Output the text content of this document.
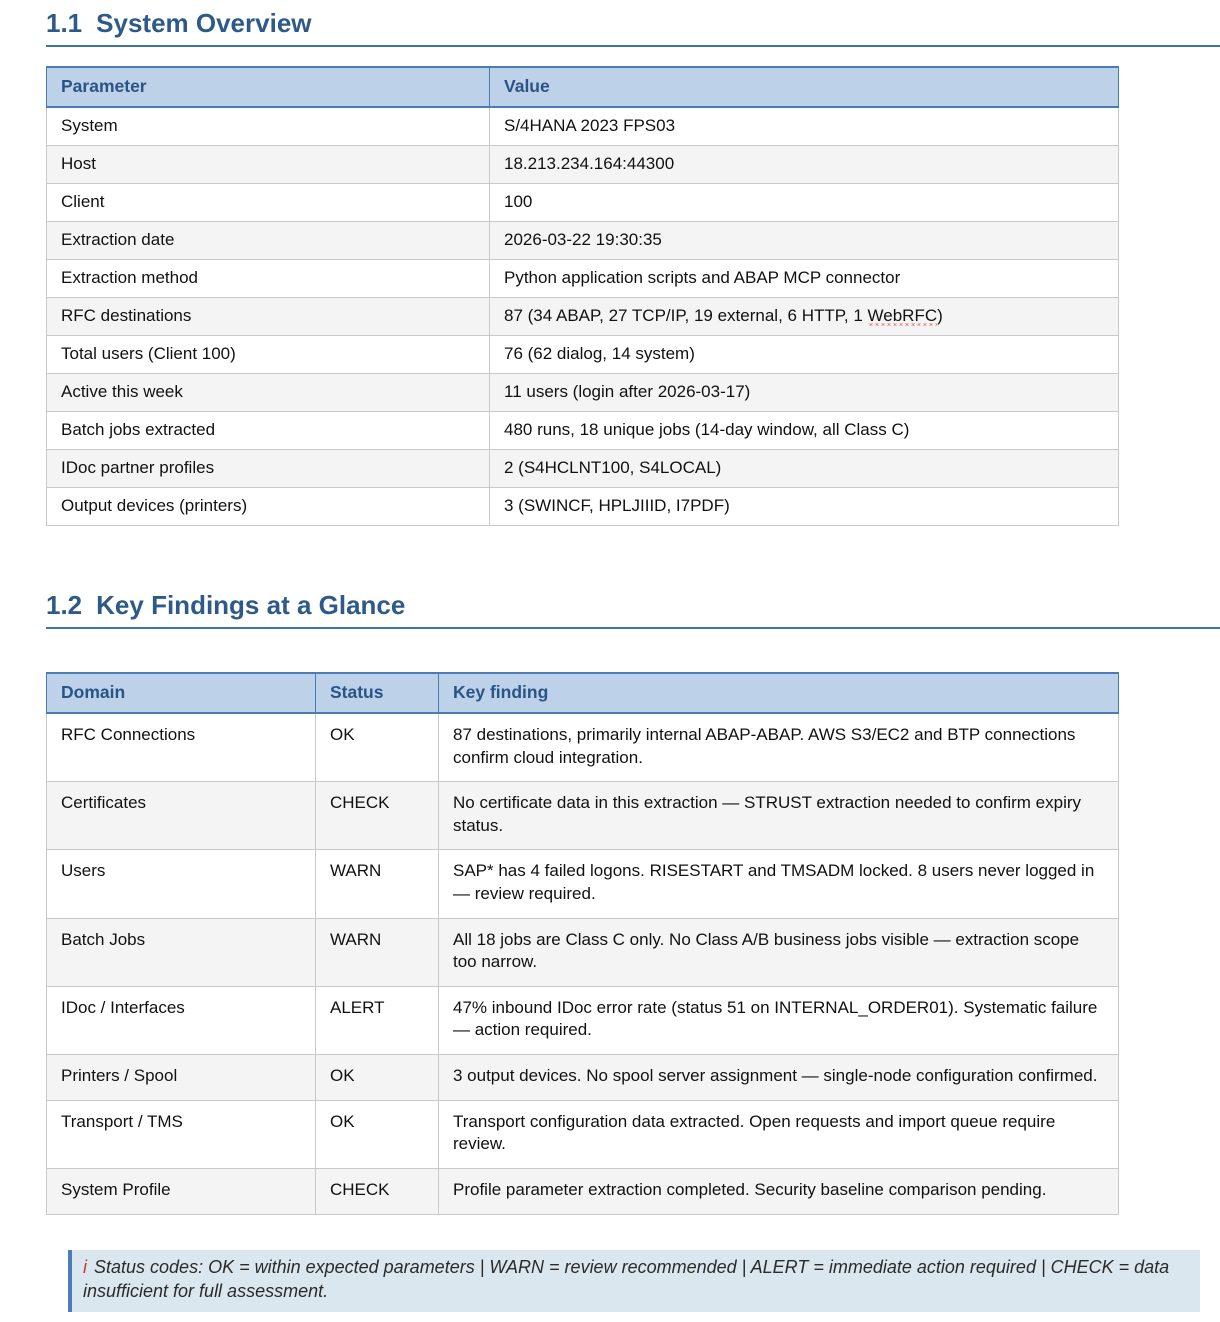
1.1 System Overview
Parameter	Value
System	S/4HANA 2023 FPS03
Host	18.213.234.164:44300
Client	100
Extraction date	2026-03-22 19:30:35
Extraction method	Python application scripts and ABAP MCP connector
RFC destinations	87 (34 ABAP, 27 TCP/IP, 19 external, 6 HTTP, 1 WebRFC)
Total users (Client 100)	76 (62 dialog, 14 system)
Active this week	11 users (login after 2026-03-17)
Batch jobs extracted	480 runs, 18 unique jobs (14-day window, all Class C)
IDoc partner profiles	2 (S4HCLNT100, S4LOCAL)
Output devices (printers)	3 (SWINCF, HPLJIIID, I7PDF)
1.2 Key Findings at a Glance
Domain	Status	Key finding
RFC Connections	OK	87 destinations, primarily internal ABAP-ABAP. AWS S3/EC2 and BTP connections confirm cloud integration.
Certificates	CHECK	No certificate data in this extraction — STRUST extraction needed to confirm expiry status.
Users	WARN	SAP* has 4 failed logons. RISESTART and TMSADM locked. 8 users never logged in — review required.
Batch Jobs	WARN	All 18 jobs are Class C only. No Class A/B business jobs visible — extraction scope too narrow.
IDoc / Interfaces	ALERT	47% inbound IDoc error rate (status 51 on INTERNAL_ORDER01). Systematic failure — action required.
Printers / Spool	OK	3 output devices. No spool server assignment — single-node configuration confirmed.
Transport / TMS	OK	Transport configuration data extracted. Open requests and import queue require review.
System Profile	CHECK	Profile parameter extraction completed. Security baseline comparison pending.
i Status codes: OK = within expected parameters | WARN = review recommended | ALERT = immediate action required | CHECK = data insufficient for full assessment.
